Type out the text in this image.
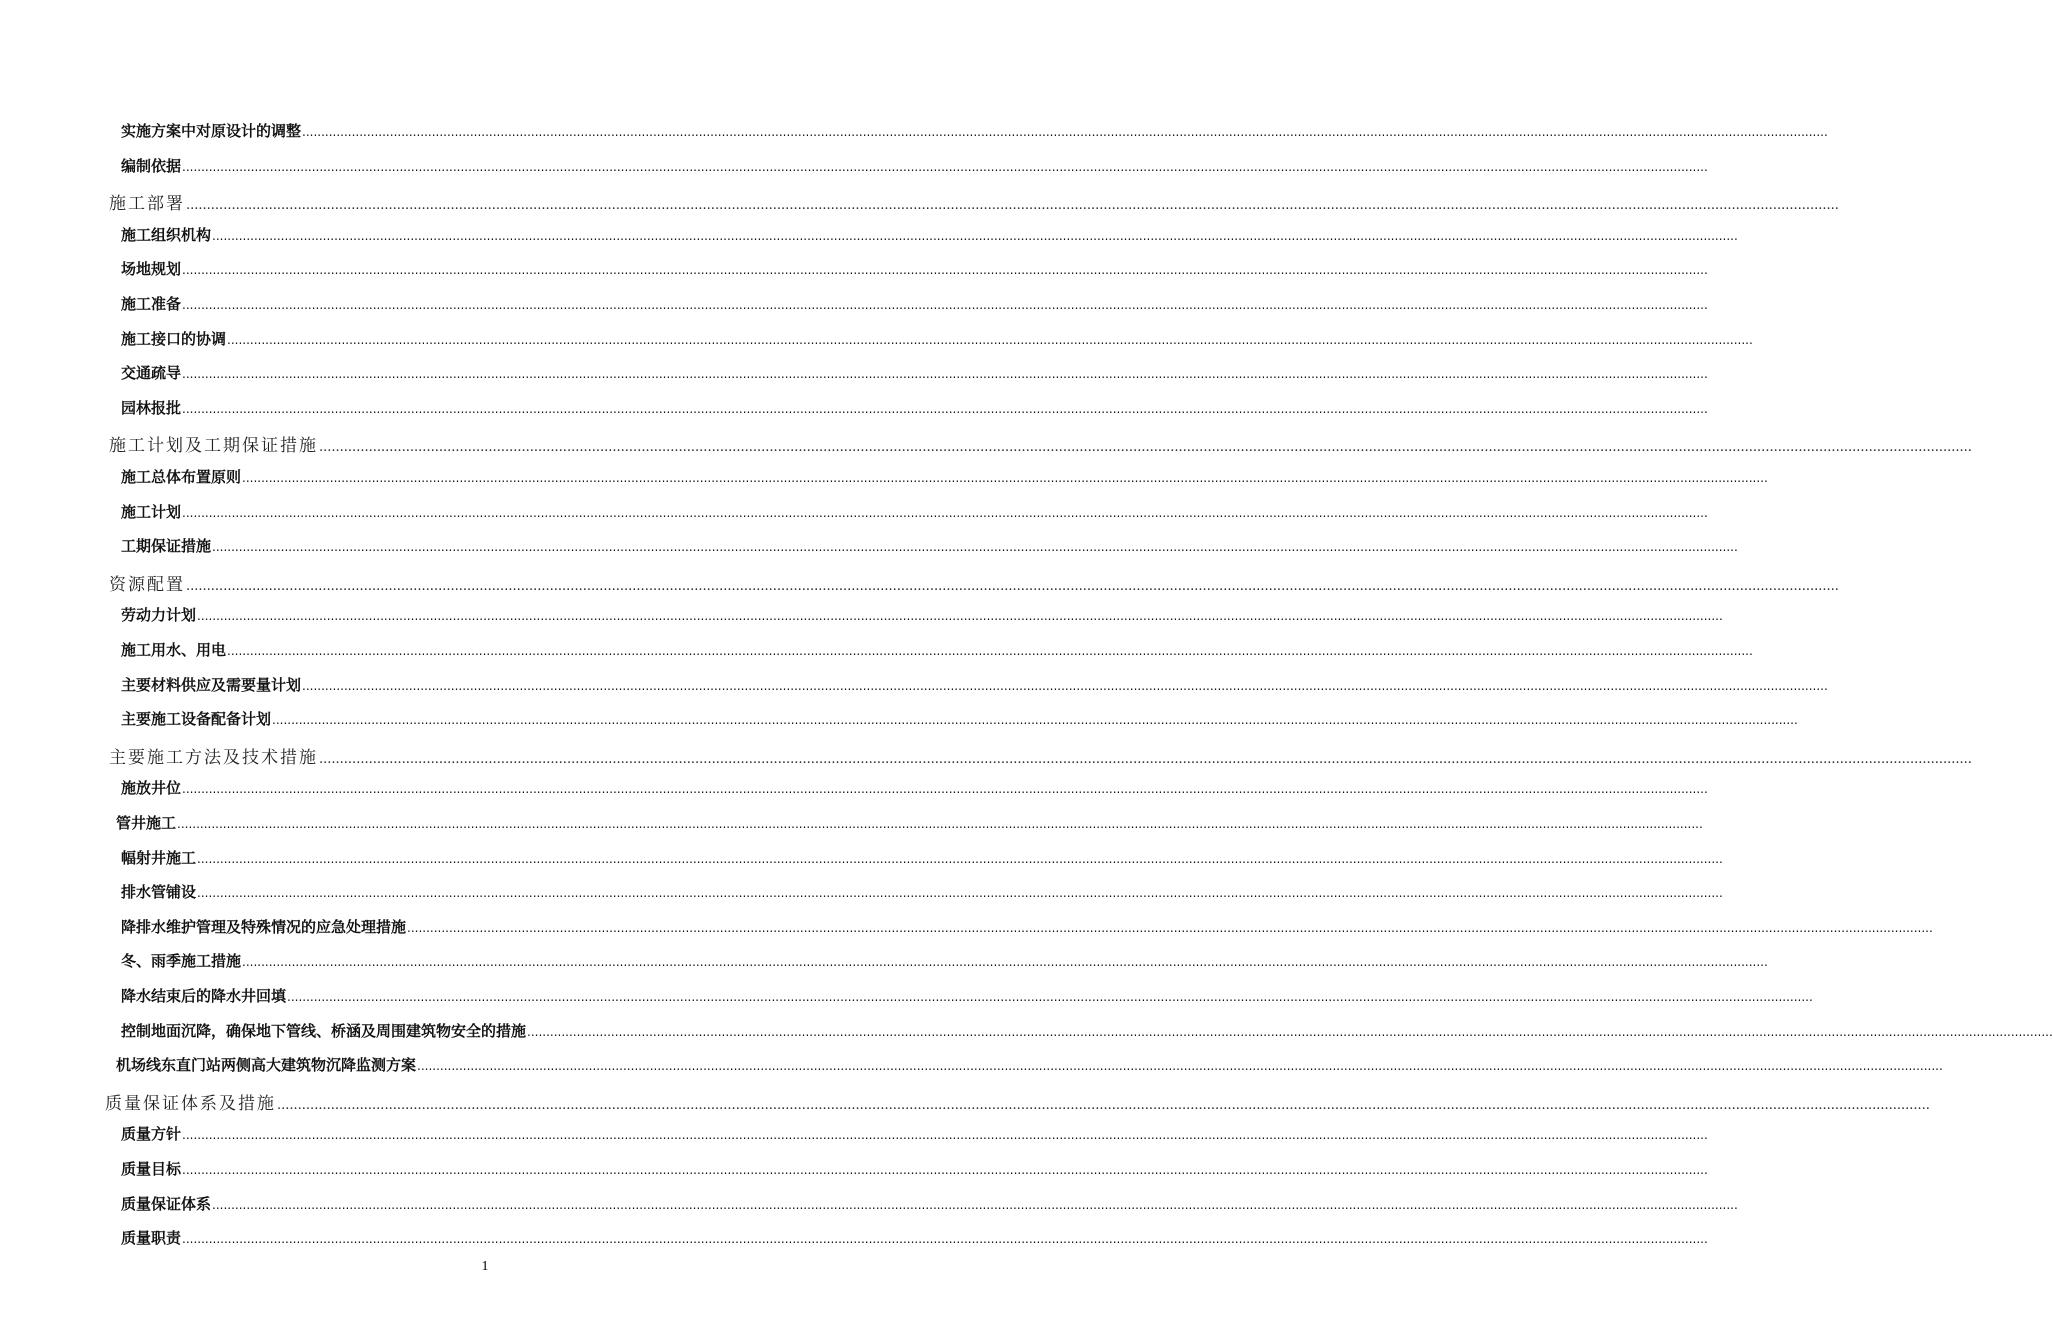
实施方案中对原设计的调整 ................................................................................................................................................................................................................................................................................................................................................................................................................
编制依据 ................................................................................................................................................................................................................................................................................................................................................................................................................
施工部署 ................................................................................................................................................................................................................................................................................................................................................................................................................
施工组织机构 ................................................................................................................................................................................................................................................................................................................................................................................................................
场地规划 ................................................................................................................................................................................................................................................................................................................................................................................................................
施工准备 ................................................................................................................................................................................................................................................................................................................................................................................................................
施工接口的协调 ................................................................................................................................................................................................................................................................................................................................................................................................................
交通疏导 ................................................................................................................................................................................................................................................................................................................................................................................................................
园林报批 ................................................................................................................................................................................................................................................................................................................................................................................................................
施工计划及工期保证措施 ................................................................................................................................................................................................................................................................................................................................................................................................................
施工总体布置原则 ................................................................................................................................................................................................................................................................................................................................................................................................................
施工计划 ................................................................................................................................................................................................................................................................................................................................................................................................................
工期保证措施 ................................................................................................................................................................................................................................................................................................................................................................................................................
资源配置 ................................................................................................................................................................................................................................................................................................................................................................................................................
劳动力计划 ................................................................................................................................................................................................................................................................................................................................................................................................................
施工用水、用电 ................................................................................................................................................................................................................................................................................................................................................................................................................
主要材料供应及需要量计划 ................................................................................................................................................................................................................................................................................................................................................................................................................
主要施工设备配备计划 ................................................................................................................................................................................................................................................................................................................................................................................................................
主要施工方法及技术措施 ................................................................................................................................................................................................................................................................................................................................................................................................................
施放井位 ................................................................................................................................................................................................................................................................................................................................................................................................................
管井施工 ................................................................................................................................................................................................................................................................................................................................................................................................................
幅射井施工 ................................................................................................................................................................................................................................................................................................................................................................................................................
排水管铺设 ................................................................................................................................................................................................................................................................................................................................................................................................................
降排水维护管理及特殊情况的应急处理措施 ................................................................................................................................................................................................................................................................................................................................................................................................................
冬、雨季施工措施 ................................................................................................................................................................................................................................................................................................................................................................................................................
降水结束后的降水井回填 ................................................................................................................................................................................................................................................................................................................................................................................................................
控制地面沉降，确保地下管线、桥涵及周围建筑物安全的措施 ................................................................................................................................................................................................................................................................................................................................................................................................................
机场线东直门站两侧高大建筑物沉降监测方案 ................................................................................................................................................................................................................................................................................................................................................................................................................
质量保证体系及措施 ................................................................................................................................................................................................................................................................................................................................................................................................................
质量方针 ................................................................................................................................................................................................................................................................................................................................................................................................................
质量目标 ................................................................................................................................................................................................................................................................................................................................................................................................................
质量保证体系 ................................................................................................................................................................................................................................................................................................................................................................................................................
质量职责 ................................................................................................................................................................................................................................................................................................................................................................................................................
1
